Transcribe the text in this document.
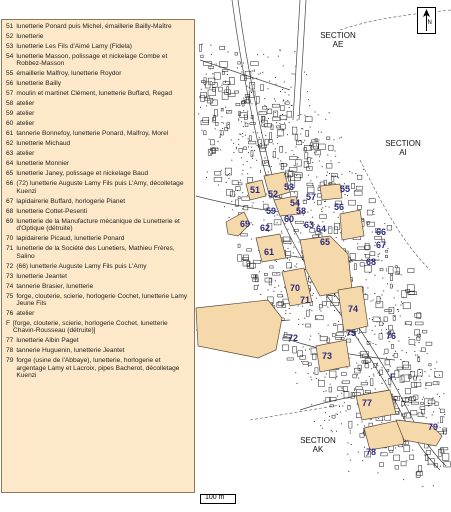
51 52
53
54
55
56
57
58
59
60
61
62	63 64
65
66
67
68
69
70
71
72
73
74
75	76
F
77
78
79
51 lunetterie Ponard puis Michel, émaillerie Bailly-Maître
52 lunetterie
53 lunetterie Les Fils d'Aimé Lamy (Fidela)
54 lunetterie Masson, polissage et nickelage Combe et Robbez-Masson
55 émaillerie Malfroy, lunetterie Roydor
56 lunetterie Bailly
57 moulin et martinet Clément, lunetterie Buffard, Regad
58 atelier
59 atelier
60 atelier
61 tannerie Bonnefoy, lunetterie Ponard, Malfroy, Morel
62 lunetterie Michaud
63 atelier
64 lunetterie Monnier
65 lunetterie Janey, polissage et nickelage Baud
66 (72) lunetterie Auguste Lamy Fils puis L'Amy, décolletage Kuenzi
67 lapidairerie Buffard, horlogerie Pianet
68 lunetterie Cottet-Pesenti
69 lunetterie de la Manufacture mécanique de Lunetterie et d'Optique (détruite)
70 lapidairerie Picaud, lunetterie Ponard
71 lunetterie de la Société des Lunetiers, Mathieu Frères, Salino
72 (66) lunetterie Auguste Lamy Fils puis L'Amy
73 lunetterie Jeantet
74 tannerie Brasier, lunetterie
75 forge, clouterie, scierie, horlogerie Cochet, lunetterie Lamy Jeune Fils
76 atelier
F [forge, clouterie, scierie, horlogerie Cochet, lunetterie Chavin-Rousseau (détruite)]
77 lunetterie Albin Paget
78 tannerie Huguenin, lunetterie Jeantet
79 forge (usine de l'Abbaye), lunetterie, horlogerie et argentage Lamy et Lacroix, pipes Bacherot, décolletage Kuenzi
SECTION
AE
SECTION
AI
SECTION
AK
N
100 m
